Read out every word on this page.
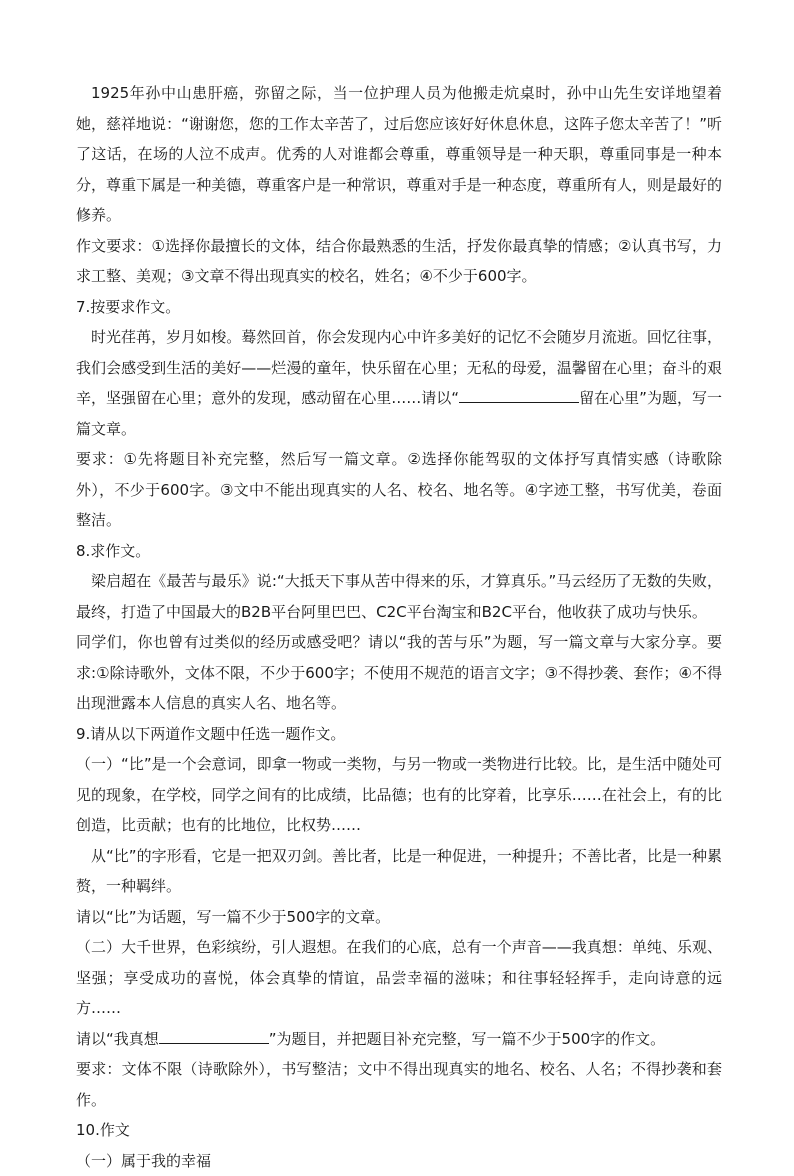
1925年孙中山患肝癌，弥留之际，当一位护理人员为他搬走炕桌时，孙中山先生安详地望着她，慈祥地说：“谢谢您，您的工作太辛苦了，过后您应该好好休息休息，这阵子您太辛苦了！”听了这话，在场的人泣不成声。优秀的人对谁都会尊重，尊重领导是一种天职，尊重同事是一种本分，尊重下属是一种美德，尊重客户是一种常识，尊重对手是一种态度，尊重所有人，则是最好的修养。

作文要求：①选择你最擅长的文体，结合你最熟悉的生活，抒发你最真挚的情感；②认真书写，力求工整、美观；③文章不得出现真实的校名，姓名；④不少于600字。

7.按要求作文。

时光荏苒，岁月如梭。蓦然回首，你会发现内心中许多美好的记忆不会随岁月流逝。回忆往事，我们会感受到生活的美好——烂漫的童年，快乐留在心里；无私的母爱，温馨留在心里；奋斗的艰辛，坚强留在心里；意外的发现，感动留在心里……请以“	留在心里”为题，写一篇文章。

要求：①先将题目补充完整，然后写一篇文章。②选择你能驾驭的文体抒写真情实感（诗歌除外），不少于600字。③文中不能出现真实的人名、校名、地名等。④字迹工整，书写优美，卷面整洁。

8.求作文。

梁启超在《最苦与最乐》说:“大抵天下事从苦中得来的乐，才算真乐。”马云经历了无数的失败，最终，打造了中国最大的B2B平台阿里巴巴、C2C平台淘宝和B2C平台，他收获了成功与快乐。

同学们，你也曾有过类似的经历或感受吧？请以“我的苦与乐”为题，写一篇文章与大家分享。要求:①除诗歌外，文体不限，不少于600字；不使用不规范的语言文字；③不得抄袭、套作；④不得出现泄露本人信息的真实人名、地名等。

9.请从以下两道作文题中任选一题作文。

（一）“比”是一个会意词，即拿一物或一类物，与另一物或一类物进行比较。比，是生活中随处可见的现象，在学校，同学之间有的比成绩，比品德；也有的比穿着，比享乐……在社会上，有的比创造，比贡献；也有的比地位，比权势……

从“比”的字形看，它是一把双刃剑。善比者，比是一种促进，一种提升；不善比者，比是一种累赘，一种羁绊。

请以“比”为话题，写一篇不少于500字的文章。

（二）大千世界，色彩缤纷，引人遐想。在我们的心底，总有一个声音——我真想：单纯、乐观、坚强；享受成功的喜悦，体会真挚的情谊，品尝幸福的滋味；和往事轻轻挥手，走向诗意的远方……

请以“我真想	”为题目，并把题目补充完整，写一篇不少于500字的作文。

要求：文体不限（诗歌除外），书写整洁；文中不得出现真实的地名、校名、人名；不得抄袭和套作。

10.作文

（一）属于我的幸福
